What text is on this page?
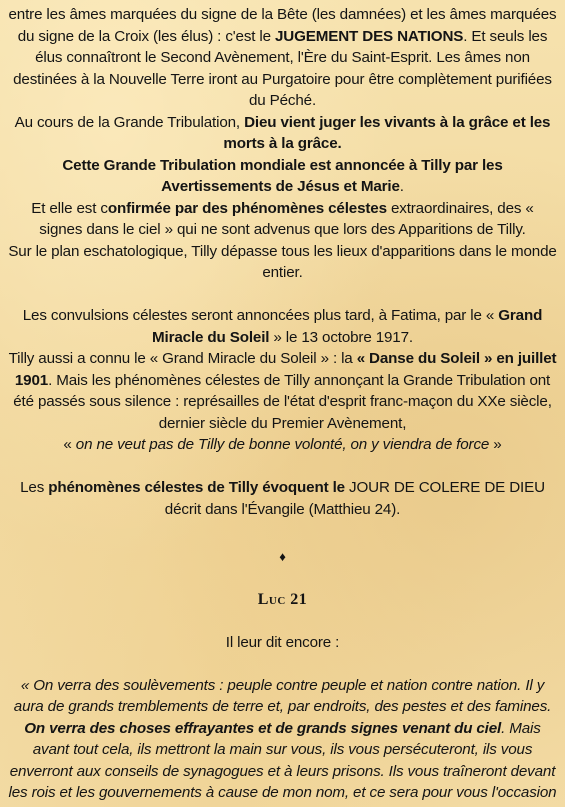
entre les âmes marquées du signe de la Bête (les damnées) et les âmes marquées du signe de la Croix (les élus) : c'est le JUGEMENT DES NATIONS. Et seuls les élus connaîtront le Second Avènement, l'Ère du Saint-Esprit. Les âmes non destinées à la Nouvelle Terre iront au Purgatoire pour être complètement purifiées du Péché.

Au cours de la Grande Tribulation, Dieu vient juger les vivants à la grâce et les morts à la grâce.

Cette Grande Tribulation mondiale est annoncée à Tilly par les Avertissements de Jésus et Marie.

Et elle est confirmée par des phénomènes célestes extraordinaires, des « signes dans le ciel » qui ne sont advenus que lors des Apparitions de Tilly.

Sur le plan eschatologique, Tilly dépasse tous les lieux d'apparitions dans le monde entier.

Les convulsions célestes seront annoncées plus tard, à Fatima, par le « Grand Miracle du Soleil » le 13 octobre 1917.

Tilly aussi a connu le « Grand Miracle du Soleil » : la « Danse du Soleil » en juillet 1901. Mais les phénomènes célestes de Tilly annonçant la Grande Tribulation ont été passés sous silence : représailles de l'état d'esprit franc-maçon du XXe siècle, dernier siècle du Premier Avènement,

« on ne veut pas de Tilly de bonne volonté, on y viendra de force »

Les phénomènes célestes de Tilly évoquent le JOUR DE COLERE DE DIEU
décrit dans l'Évangile (Matthieu 24).

♦

Luc 21

Il leur dit encore :

« On verra des soulèvements : peuple contre peuple et nation contre nation. Il y aura de grands tremblements de terre et, par endroits, des pestes et des famines. On verra des choses effrayantes et de grands signes venant du ciel. Mais avant tout cela, ils mettront la main sur vous, ils vous persécuteront, ils vous enverront aux conseils de synagogues et à leurs prisons. Ils vous traîneront devant les rois et les gouvernements à cause de mon nom, et ce sera pour vous l'occasion
